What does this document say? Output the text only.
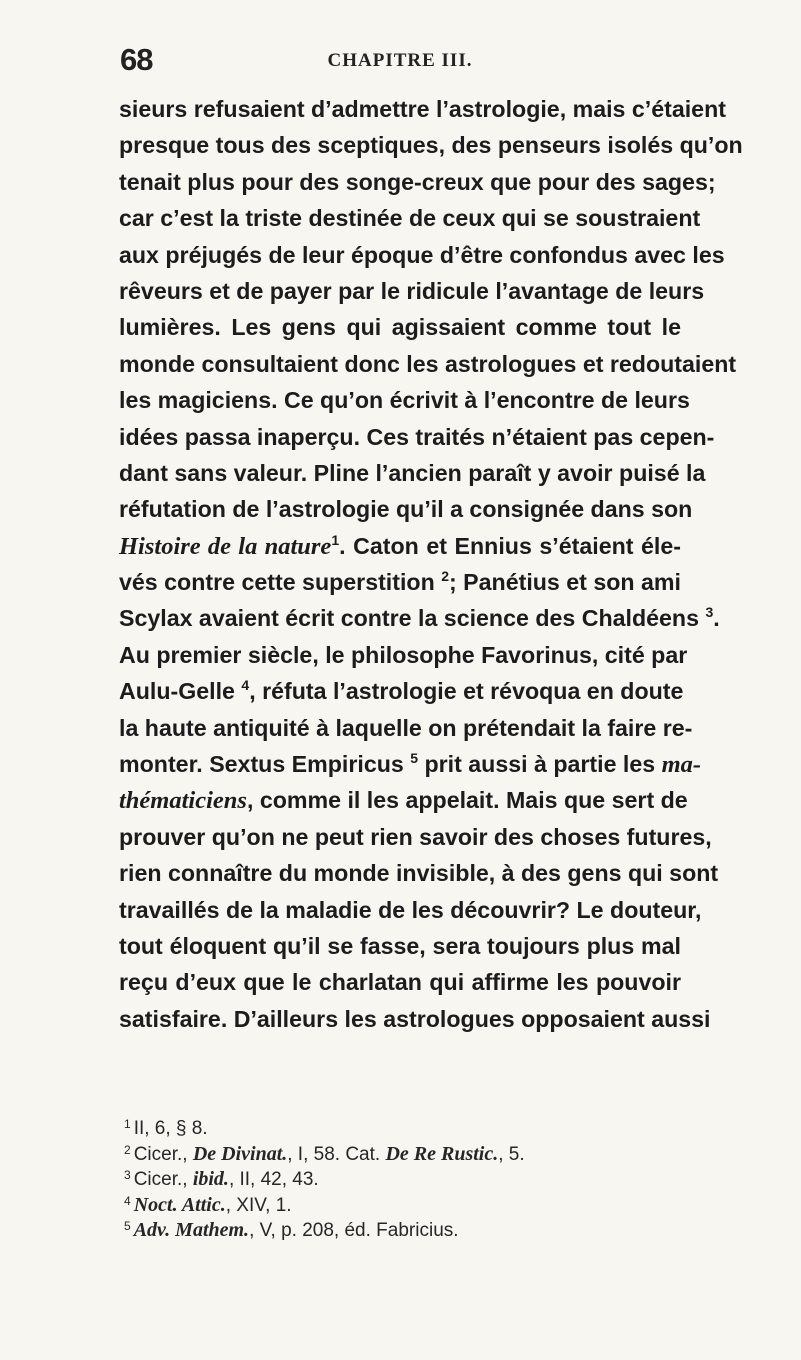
68	CHAPITRE III.
sieurs refusaient d’admettre l’astrologie, mais c’étaient
presque tous des sceptiques, des penseurs isolés qu’on
tenait plus pour des songe-creux que pour des sages;
car c’est la triste destinée de ceux qui se soustraient
aux préjugés de leur époque d’être confondus avec les
rêveurs et de payer par le ridicule l’avantage de leurs
lumières. Les gens qui agissaient comme tout le
monde consultaient donc les astrologues et redoutaient
les magiciens. Ce qu’on écrivit à l’encontre de leurs
idées passa inaperçu. Ces traités n’étaient pas cepen-
dant sans valeur. Pline l’ancien paraît y avoir puisé la
réfutation de l’astrologie qu’il a consignée dans son
Histoire de la nature$^1$. Caton et Ennius s’étaient éle-
vés contre cette superstition $^2$; Panétius et son ami
Scylax avaient écrit contre la science des Chaldéens $^3$.
Au premier siècle, le philosophe Favorinus, cité par
Aulu-Gelle $^4$, réfuta l’astrologie et révoqua en doute
la haute antiquité à laquelle on prétendait la faire re-
monter. Sextus Empiricus $^5$ prit aussi à partie les ma-
thématiciens, comme il les appelait. Mais que sert de
prouver qu’on ne peut rien savoir des choses futures,
rien connaître du monde invisible, à des gens qui sont
travaillés de la maladie de les découvrir? Le douteur,
tout éloquent qu’il se fasse, sera toujours plus mal
reçu d’eux que le charlatan qui affirme les pouvoir
satisfaire. D’ailleurs les astrologues opposaient aussi
$^1$ II, 6, § 8.
$^2$ Cicer., De Divinat., I, 58. Cat. De Re Rustic., 5.
$^3$ Cicer., ibid., II, 42, 43.
$^4$ Noct. Attic., XIV, 1.
$^5$ Adv. Mathem., V, p. 208, éd. Fabricius.
